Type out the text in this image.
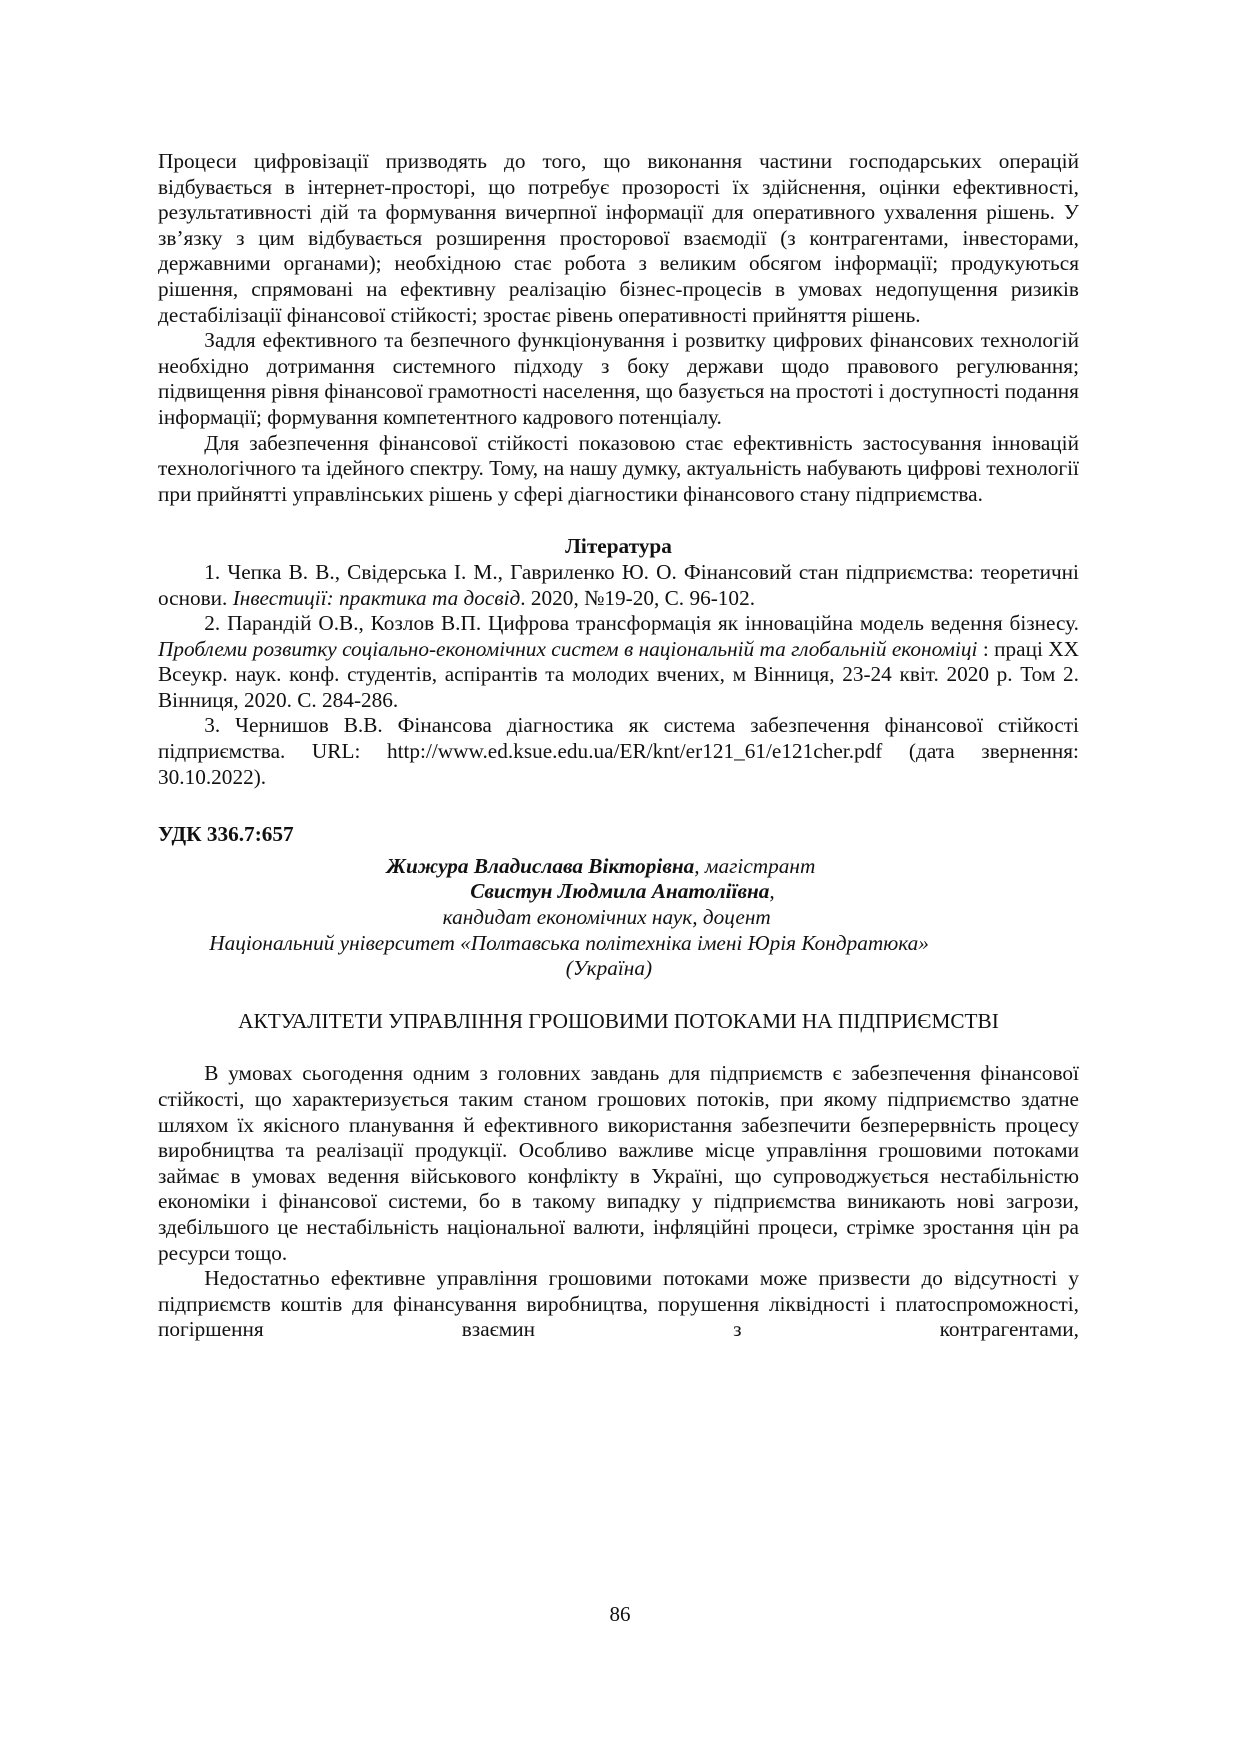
Процеси цифровізації призводять до того, що виконання частини господарських операцій відбувається в інтернет-просторі, що потребує прозорості їх здійснення, оцінки ефективності, результативності дій та формування вичерпної інформації для оперативного ухвалення рішень. У зв’язку з цим відбувається розширення просторової взаємодії (з контрагентами, інвесторами, державними органами); необхідною стає робота з великим обсягом інформації; продукуються рішення, спрямовані на ефективну реалізацію бізнес-процесів в умовах недопущення ризиків дестабілізації фінансової стійкості; зростає рівень оперативності прийняття рішень.

Задля ефективного та безпечного функціонування і розвитку цифрових фінансових технологій необхідно дотримання системного підходу з боку держави щодо правового регулювання; підвищення рівня фінансової грамотності населення, що базується на простоті і доступності подання інформації; формування компетентного кадрового потенціалу.

Для забезпечення фінансової стійкості показовою стає ефективність застосування інновацій технологічного та ідейного спектру. Тому, на нашу думку, актуальність набувають цифрові технології при прийнятті управлінських рішень у сфері діагностики фінансового стану підприємства.

Література

1. Чепка В. В., Свідерська І. М., Гавриленко Ю. О. Фінансовий стан підприємства: теоретичні основи. Інвестиції: практика та досвід. 2020, №19-20, С. 96-102.

2. Парандій О.В., Козлов В.П. Цифрова трансформація як інноваційна модель ведення бізнесу. Проблеми розвитку соціально-економічних систем в національній та глобальній економіці : праці XX Всеукр. наук. конф. студентів, аспірантів та молодих вчених, м Вінниця, 23-24 квіт. 2020 р. Том 2. Вінниця, 2020. С. 284-286.

3. Чернишов В.В. Фінансова діагностика як система забезпечення фінансової стійкості підприємства. URL: http://www.ed.ksue.edu.ua/ER/knt/er121_61/e121cher.pdf (дата звернення: 30.10.2022).

УДК 336.7:657
Жижура Владислава Вікторівна, магістрант
Свистун Людмила Анатоліївна,
кандидат економічних наук, доцент
Національний університет «Полтавська політехніка імені Юрія Кондратюка»
(Україна)
АКТУАЛІТЕТИ УПРАВЛІННЯ ГРОШОВИМИ ПОТОКАМИ НА ПІДПРИЄМСТВІ

В умовах сьогодення одним з головних завдань для підприємств є забезпечення фінансової стійкості, що характеризується таким станом грошових потоків, при якому підприємство здатне шляхом їх якісного планування й ефективного використання забезпечити безперервність процесу виробництва та реалізації продукції. Особливо важливе місце управління грошовими потоками займає в умовах ведення військового конфлікту в Україні, що супроводжується нестабільністю економіки і фінансової системи, бо в такому випадку у підприємства виникають нові загрози, здебільшого це нестабільність національної валюти, інфляційні процеси, стрімке зростання цін ра ресурси тощо.

Недостатньо ефективне управління грошовими потоками може призвести до відсутності у підприємств коштів для фінансування виробництва, порушення ліквідності і платоспроможності, погіршення взаємин з контрагентами,

86
